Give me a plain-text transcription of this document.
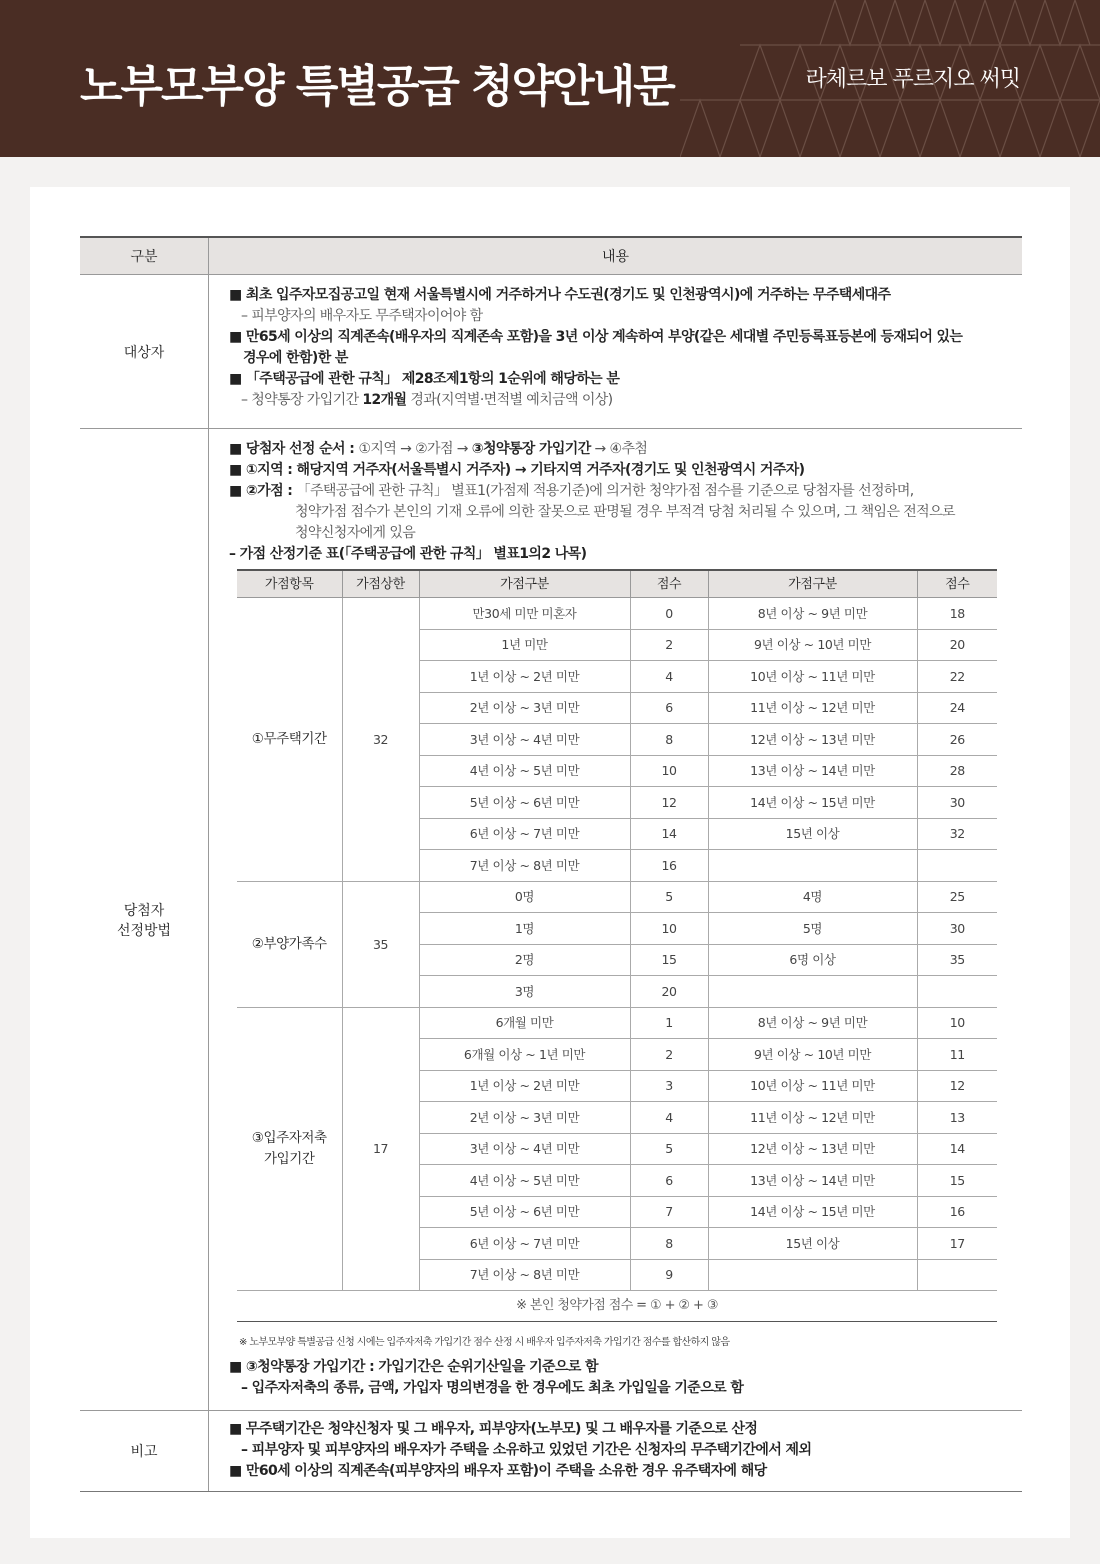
노부모부양 특별공급 청약안내문	라체르보 푸르지오 써밋
구분	내용
대상자

■ 최초 입주자모집공고일 현재 서울특별시에 거주하거나 수도권(경기도 및 인천광역시)에 거주하는 무주택세대주

– 피부양자의 배우자도 무주택자이어야 함

■ 만65세 이상의 직계존속(배우자의 직계존속 포함)을 3년 이상 계속하여 부양(같은 세대별 주민등록표등본에 등재되어 있는

경우에 한함)한 분

■ 「주택공급에 관한 규칙」 제28조제1항의 1순위에 해당하는 분

– 청약통장 가입기간 12개월 경과(지역별·면적별 예치금액 이상)

당첨자
선정방법

■ 당첨자 선정 순서 : ①지역 → ②가점 → ③청약통장 가입기간 → ④추첨

■ ①지역 : 해당지역 거주자(서울특별시 거주자) → 기타지역 거주자(경기도 및 인천광역시 거주자)

■ ②가점 : 「주택공급에 관한 규칙」 별표1(가점제 적용기준)에 의거한 청약가점 점수를 기준으로 당첨자를 선정하며,

청약가점 점수가 본인의 기재 오류에 의한 잘못으로 판명될 경우 부적격 당첨 처리될 수 있으며, 그 책임은 전적으로

청약신청자에게 있음

– 가점 산정기준 표(「주택공급에 관한 규칙」 별표1의2 나목)

가점항목	가점상한	가점구분	점수	가점구분	점수

①무주택기간	32	만30세 미만 미혼자	0	8년 이상 ~ 9년 미만	18
		1년 미만	2	9년 이상 ~ 10년 미만	20
		1년 이상 ~ 2년 미만	4	10년 이상 ~ 11년 미만	22
		2년 이상 ~ 3년 미만	6	11년 이상 ~ 12년 미만	24
		3년 이상 ~ 4년 미만	8	12년 이상 ~ 13년 미만	26
		4년 이상 ~ 5년 미만	10	13년 이상 ~ 14년 미만	28
		5년 이상 ~ 6년 미만	12	14년 이상 ~ 15년 미만	30
		6년 이상 ~ 7년 미만	14	15년 이상	32
		7년 이상 ~ 8년 미만	16		

②부양가족수	35	0명	5	4명	25
		1명	10	5명	30
		2명	15	6명 이상	35
		3명	20		

③입주자저축
가입기간	17	6개월 미만	1	8년 이상 ~ 9년 미만	10
		6개월 이상 ~ 1년 미만	2	9년 이상 ~ 10년 미만	11
		1년 이상 ~ 2년 미만	3	10년 이상 ~ 11년 미만	12
		2년 이상 ~ 3년 미만	4	11년 이상 ~ 12년 미만	13
		3년 이상 ~ 4년 미만	5	12년 이상 ~ 13년 미만	14
		4년 이상 ~ 5년 미만	6	13년 이상 ~ 14년 미만	15
		5년 이상 ~ 6년 미만	7	14년 이상 ~ 15년 미만	16
		6년 이상 ~ 7년 미만	8	15년 이상	17
		7년 이상 ~ 8년 미만	9		
※ 본인 청약가점 점수 = ① + ② + ③
※ 노부모부양 특별공급 신청 시에는 입주자저축 가입기간 점수 산정 시 배우자 입주자저축 가입기간 점수를 합산하지 않음

■ ③청약통장 가입기간 : 가입기간은 순위기산일을 기준으로 함

– 입주자저축의 종류, 금액, 가입자 명의변경을 한 경우에도 최초 가입일을 기준으로 함

비고

■ 무주택기간은 청약신청자 및 그 배우자, 피부양자(노부모) 및 그 배우자를 기준으로 산정

– 피부양자 및 피부양자의 배우자가 주택을 소유하고 있었던 기간은 신청자의 무주택기간에서 제외

■ 만60세 이상의 직계존속(피부양자의 배우자 포함)이 주택을 소유한 경우 유주택자에 해당
